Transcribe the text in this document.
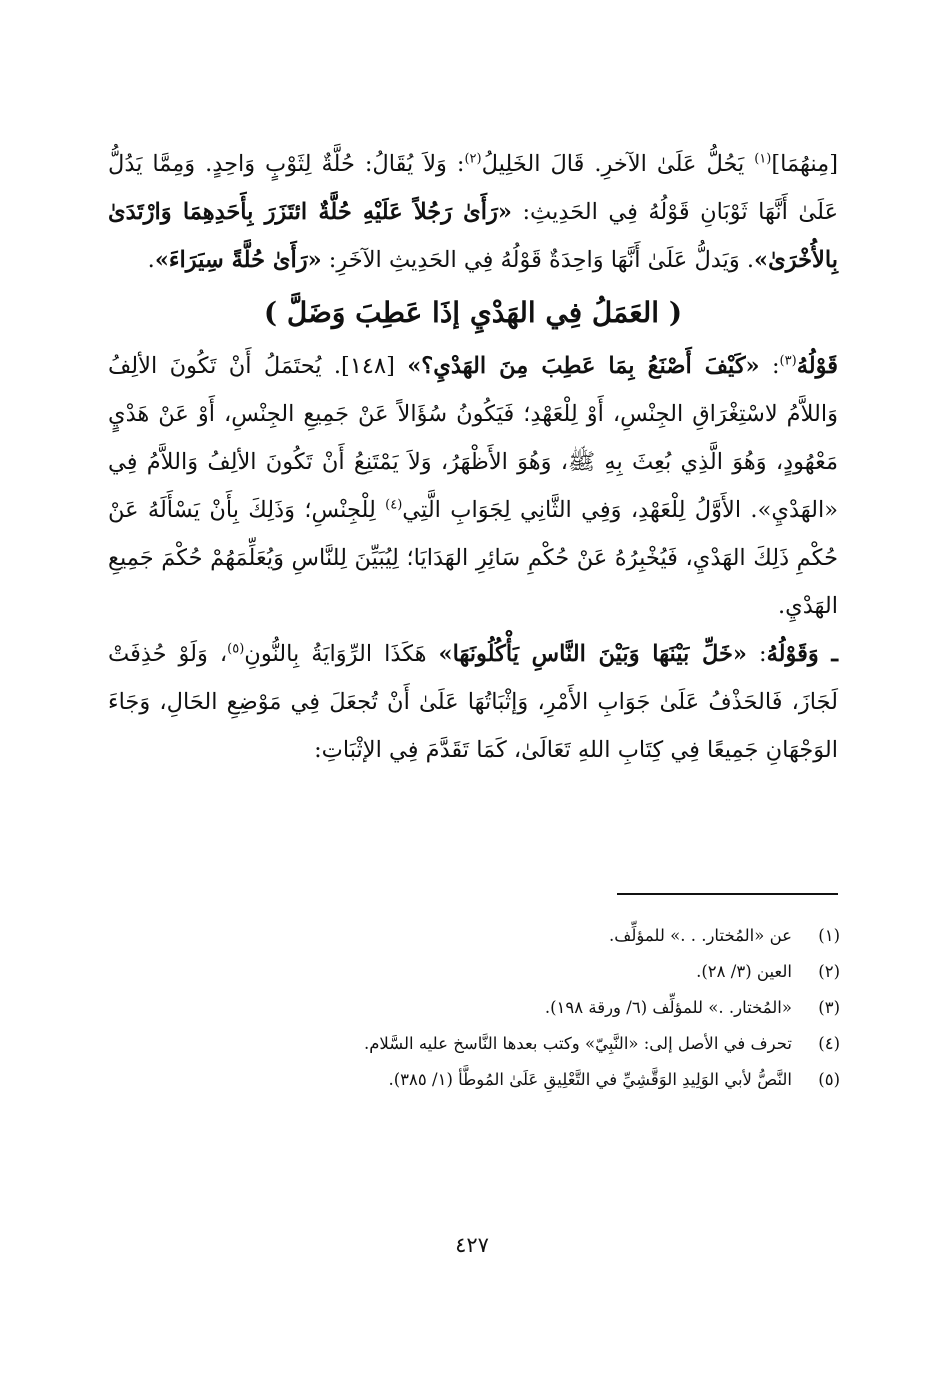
[مِنهُمَا]$^{(١)}$ يَحُلُّ عَلَىٰ الآخرِ. قَالَ الخَلِيلُ$^{(٢)}$: وَلاَ يُقَالُ: حُلَّةٌ لِثَوْبٍ وَاحِدٍ. وَمِمَّا يَدُلُّ عَلَىٰ أَنَّهَا ثَوْبَانِ قَوْلُهُ فِي الحَدِيثِ: «رَأَىٰ رَجُلاً عَلَيْهِ حُلَّةٌ ائتَزَرَ بِأَحَدِهِمَا وَارْتَدَىٰ بِالأُخْرَىٰ». وَيَدلُّ عَلَىٰ أَنَّهَا وَاحِدَةٌ قَوْلُهُ فِي الحَدِيثِ الآخَرِ: «رَأَىٰ حُلَّةً سِيَرَاءَ».

( العَمَلُ فِي الهَدْيِ إذَا عَطِبَ وَضَلَّ )

قَوْلُهُ$^{(٣)}$: «كَيْفَ أَصْنَعُ بِمَا عَطِبَ مِنَ الهَدْيِ؟» [١٤٨]. يُحتَمَلُ أَنْ تَكُونَ الألِفُ وَاللاَّمُ لاسْتِغْرَاقِ الجِنْسِ، أَوْ لِلْعَهْدِ؛ فَيَكُونُ سُؤَالاً عَنْ جَمِيعِ الجِنْسِ، أَوْ عَنْ هَدْيٍ مَعْهُودٍ، وَهُوَ الَّذِي بُعِثَ بِهِ ﷺ، وَهُوَ الأَظْهَرُ، وَلاَ يَمْتَنِعُ أَنْ تَكُونَ الألِفُ وَاللاَّمُ فِي «الهَدْيِ». الأَوَّلُ لِلْعَهْدِ، وَفِي الثَّانِي لِجَوَابِ الَّتِي$^{(٤)}$ لِلْجِنْسِ؛ وَذَلِكَ بِأَنْ يَسْأَلَهُ عَنْ حُكْمِ ذَلِكَ الهَدْيِ، فَيُخْبِرُهُ عَنْ حُكْمِ سَائِرِ الهَدَايَا؛ لِيُبَيِّنَ لِلنَّاسِ وَيُعَلِّمَهُمْ حُكْمَ جَمِيعِ الهَدْيِ.

ـ وَقَوْلُهُ: «خَلِّ بَيْنَهَا وَبَيْنَ النَّاسِ يَأْكُلُونَهَا» هَكَذَا الرِّوَايَةُ بِالنُّونِ$^{(٥)}$، وَلَوْ حُذِفَتْ لَجَازَ، فَالحَذْفُ عَلَىٰ جَوَابِ الأَمْرِ، وَإثْبَاتُهَا عَلَىٰ أَنْ تُجعَلَ فِي مَوْضِعِ الحَالِ، وَجَاءَ الوَجْهَانِ جَمِيعًا فِي كِتَابِ اللهِ تَعَالَىٰ، كَمَا تَقَدَّمَ فِي الإثْبَاتِ:

(١)
عن «المُختار. . .» للمؤلِّف.
(٢)
العين (٣/ ٢٨).
(٣)
«المُختار. .» للمؤلِّف (٦/ ورقة ١٩٨).
(٤)
تحرف في الأصل إلى: «النَّبِيّ» وكتب بعدها النَّاسخ عليه السَّلام.
(٥)
النَّصُّ لأبي الوَلِيدِ الوَقَّشِيِّ في التَّعْلِيقِ عَلَىٰ المُوطَّأ (١/ ٣٨٥).
٤٢٧
